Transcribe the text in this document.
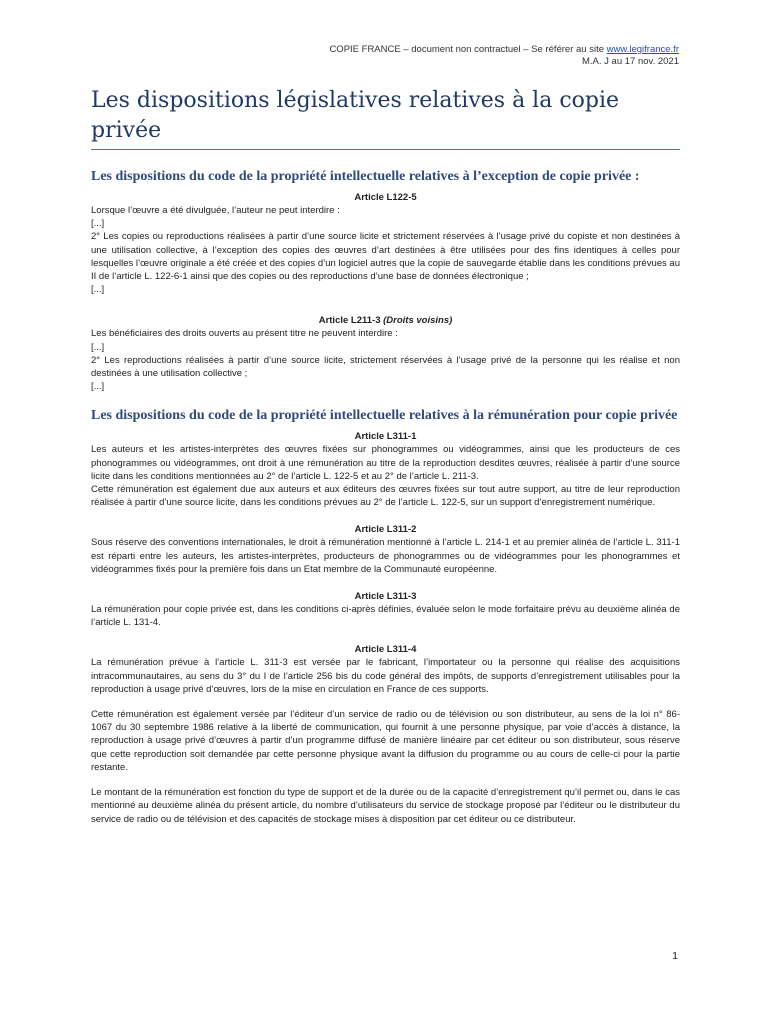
COPIE FRANCE – document non contractuel – Se référer au site www.legifrance.fr
M.A. J au 17 nov. 2021
Les dispositions législatives relatives à la copie privée
Les dispositions du code de la propriété intellectuelle relatives à l’exception de copie privée :
Article L122-5

Lorsque l’œuvre a été divulguée, l’auteur ne peut interdire :

[...]

2° Les copies ou reproductions réalisées à partir d’une source licite et strictement réservées à l’usage privé du copiste et non destinées à une utilisation collective, à l’exception des copies des œuvres d’art destinées à être utilisées pour des fins identiques à celles pour lesquelles l’œuvre originale a été créée et des copies d’un logiciel autres que la copie de sauvegarde établie dans les conditions prévues au II de l’article L. 122-6-1 ainsi que des copies ou des reproductions d’une base de données électronique ;

[...]

Article L211-3 (Droits voisins)

Les bénéficiaires des droits ouverts au présent titre ne peuvent interdire :

[...]

2° Les reproductions réalisées à partir d’une source licite, strictement réservées à l’usage privé de la personne qui les réalise et non destinées à une utilisation collective ;

[...]

Les dispositions du code de la propriété intellectuelle relatives à la rémunération pour copie privée
Article L311-1

Les auteurs et les artistes-interprètes des œuvres fixées sur phonogrammes ou vidéogrammes, ainsi que les producteurs de ces phonogrammes ou vidéogrammes, ont droit à une rémunération au titre de la reproduction desdites œuvres, réalisée à partir d’une source licite dans les conditions mentionnées au 2° de l’article L. 122-5 et au 2° de l’article L. 211-3.

Cette rémunération est également due aux auteurs et aux éditeurs des œuvres fixées sur tout autre support, au titre de leur reproduction réalisée à partir d’une source licite, dans les conditions prévues au 2° de l’article L. 122-5, sur un support d’enregistrement numérique.

Article L311-2

Sous réserve des conventions internationales, le droit à rémunération mentionné à l’article L. 214-1 et au premier alinéa de l’article L. 311-1 est réparti entre les auteurs, les artistes-interprètes, producteurs de phonogrammes ou de vidéogrammes pour les phonogrammes et vidéogrammes fixés pour la première fois dans un Etat membre de la Communauté européenne.

Article L311-3

La rémunération pour copie privée est, dans les conditions ci-après définies, évaluée selon le mode forfaitaire prévu au deuxième alinéa de l’article L. 131-4.

Article L311-4

La rémunération prévue à l’article L. 311-3 est versée par le fabricant, l’importateur ou la personne qui réalise des acquisitions intracommunautaires, au sens du 3° du I de l’article 256 bis du code général des impôts, de supports d’enregistrement utilisables pour la reproduction à usage privé d’œuvres, lors de la mise en circulation en France de ces supports.

Cette rémunération est également versée par l’éditeur d’un service de radio ou de télévision ou son distributeur, au sens de la loi n° 86-1067 du 30 septembre 1986 relative à la liberté de communication, qui fournit à une personne physique, par voie d’accès à distance, la reproduction à usage privé d’œuvres à partir d’un programme diffusé de manière linéaire par cet éditeur ou son distributeur, sous réserve que cette reproduction soit demandée par cette personne physique avant la diffusion du programme ou au cours de celle-ci pour la partie restante.

Le montant de la rémunération est fonction du type de support et de la durée ou de la capacité d’enregistrement qu’il permet ou, dans le cas mentionné au deuxième alinéa du présent article, du nombre d’utilisateurs du service de stockage proposé par l’éditeur ou le distributeur du service de radio ou de télévision et des capacités de stockage mises à disposition par cet éditeur ou ce distributeur.

1
